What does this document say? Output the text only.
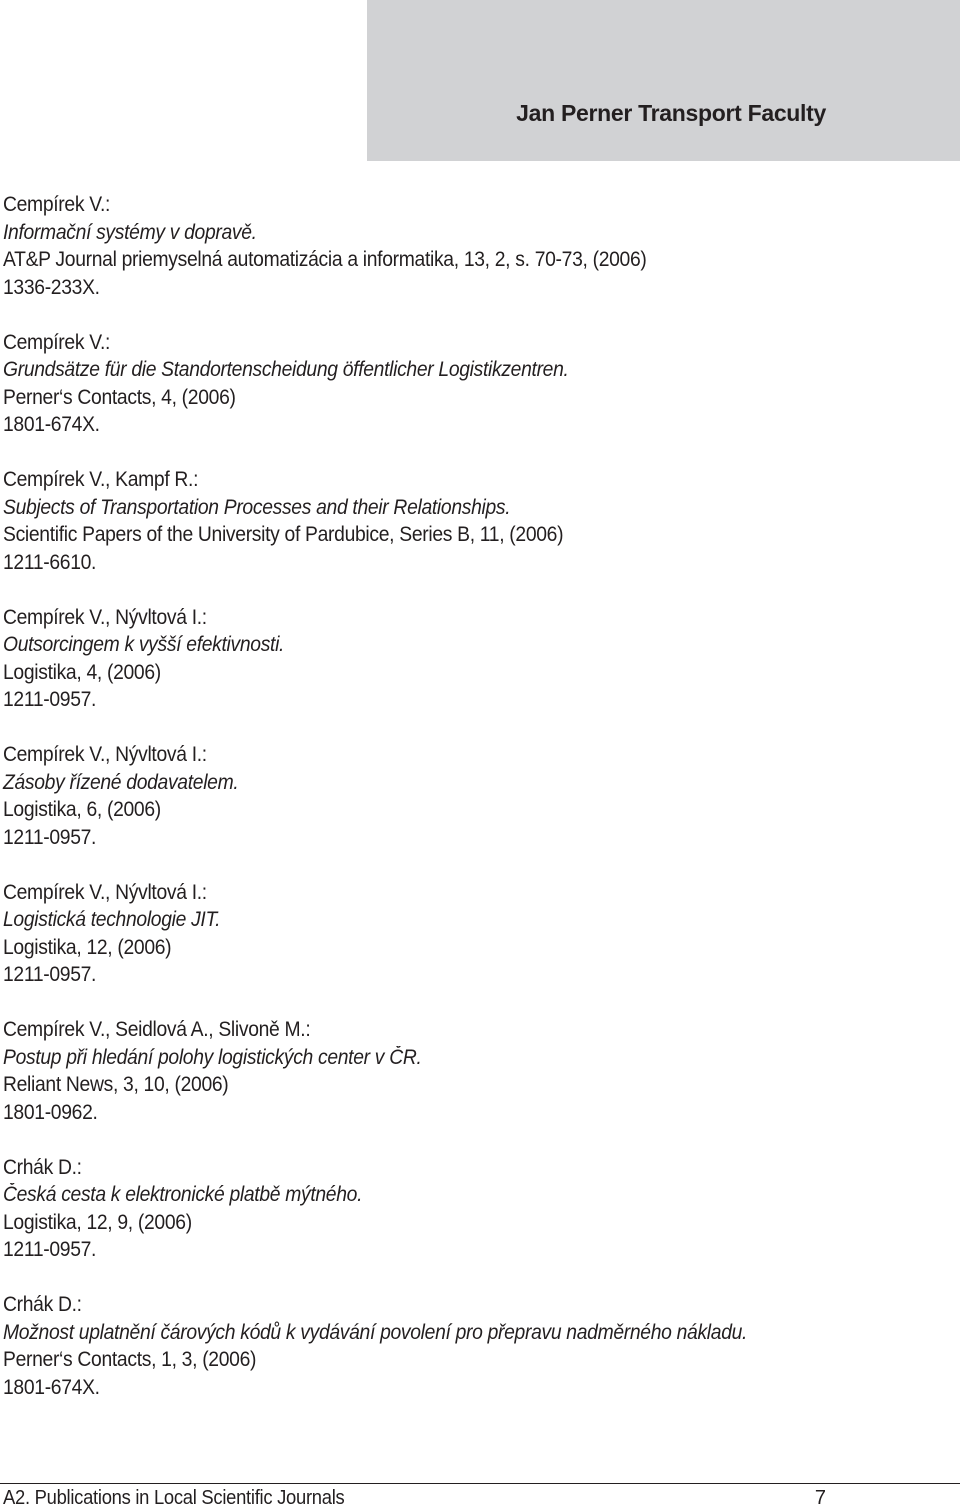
Jan Perner Transport Faculty
Cempírek V.:
Informační systémy v dopravě.
AT&P Journal priemyselná automatizácia a informatika, 13, 2, s. 70-73, (2006)
1336-233X.
Cempírek V.:
Grundsätze für die Standortenscheidung öffentlicher Logistikzentren.
Perner‘s Contacts, 4, (2006)
1801-674X.
Cempírek V., Kampf R.:
Subjects of Transportation Processes and their Relationships.
Scientific Papers of the University of Pardubice, Series B, 11, (2006)
1211-6610.
Cempírek V., Nývltová I.:
Outsorcingem k vyšší efektivnosti.
Logistika, 4, (2006)
1211-0957.
Cempírek V., Nývltová I.:
Zásoby řízené dodavatelem.
Logistika, 6, (2006)
1211-0957.
Cempírek V., Nývltová I.:
Logistická technologie JIT.
Logistika, 12, (2006)
1211-0957.
Cempírek V., Seidlová A., Slivoně M.:
Postup při hledání polohy logistických center v ČR.
Reliant News, 3, 10, (2006)
1801-0962.
Crhák D.:
Česká cesta k elektronické platbě mýtného.
Logistika, 12, 9, (2006)
1211-0957.
Crhák D.:
Možnost uplatnění čárových kódů k vydávání povolení pro přepravu nadměrného nákladu.
Perner‘s Contacts, 1, 3, (2006)
1801-674X.
A2. Publications in Local Scientific Journals	7
